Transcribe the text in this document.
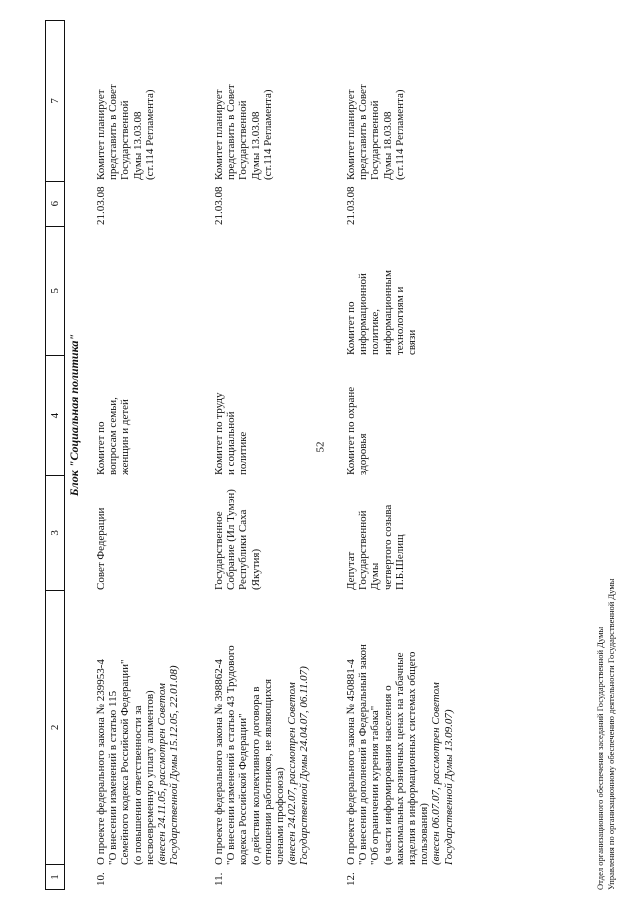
52
1
2
3
4
5
6
7
Блок "Социальная политика"
10.
О проекте федерального закона № 239953-4 "О внесении изменений в статью 115 Семейного кодекса Российской Федерации" (о повышении ответственности за несвоевременную уплату алиментов) (внесен 24.11.05, рассмотрен Советом Государственной Думы 15.12.05, 22.01.08)
Совет Федерации
Комитет по вопросам семьи, женщин и детей
21.03.08
Комитет планирует представить в Совет Государственной Думы 13.03.08 (ст.114 Регламента)
11.
О проекте федерального закона № 398862-4 "О внесении изменений в статью 43 Трудового кодекса Российской Федерации" (о действии коллективного договора в отношении работников, не являющихся членами профсоюза) (внесен 24.02.07, рассмотрен Советом Государственной Думы 24.04.07, 06.11.07)
Государственное Собрание (Ил Тумэн) Республики Саха (Якутия)
Комитет по труду и социальной политике
21.03.08
Комитет планирует представить в Совет Государственной Думы 13.03.08 (ст.114 Регламента)
12.
О проекте федерального закона № 450881-4 "О внесении дополнений в Федеральный закон "Об ограничении курения табака" (в части информирования населения о максимальных розничных ценах на табачные изделия в информационных системах общего пользования) (внесен 06.07.07, рассмотрен Советом Государственной Думы 13.09.07)
Депутат Государственной Думы четвертого созыва П.Б.Шелищ
Комитет по охране здоровья
Комитет по информационной политике, информационным технологиям и связи
21.03.08
Комитет планирует представить в Совет Государственной Думы 18.03.08 (ст.114 Регламента)
Отдел организационного обеспечения заседаний Государственной Думы Управления по организационному обеспечению деятельности Государственной Думы
